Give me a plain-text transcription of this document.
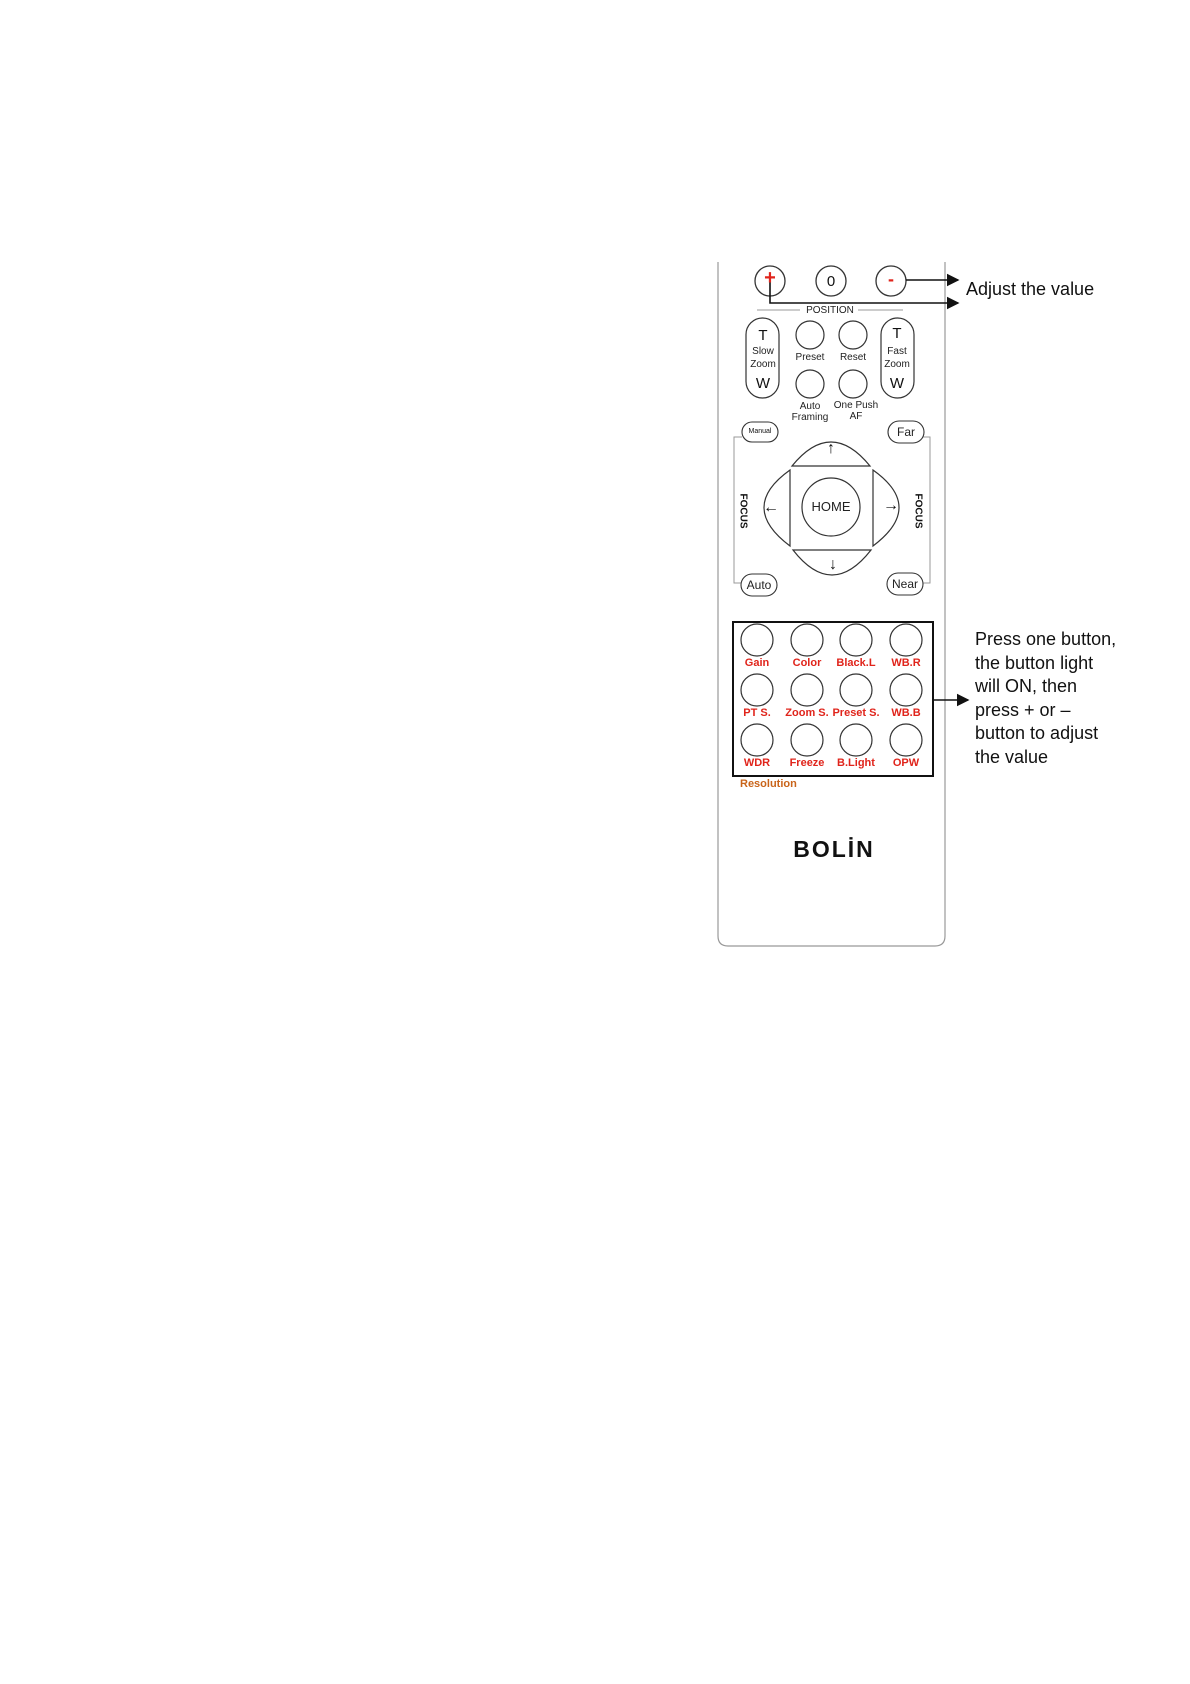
+	0	-
POSITION
T
Slow
Zoom
W
T
Fast
Zoom
W
Preset Reset
Auto
Framing
One Push
AF
Manual	Far
Auto	Near
FOCUS	FOCUS
↑
↓
←	→
HOME
Gain Color Black.L WB.R
PT S. Zoom S. Preset S. WB.B
WDR Freeze B.Light OPW
Resolution
BOLİN
Adjust the value
Press one button,
the button light
will ON, then
press + or –
button to adjust
the value
